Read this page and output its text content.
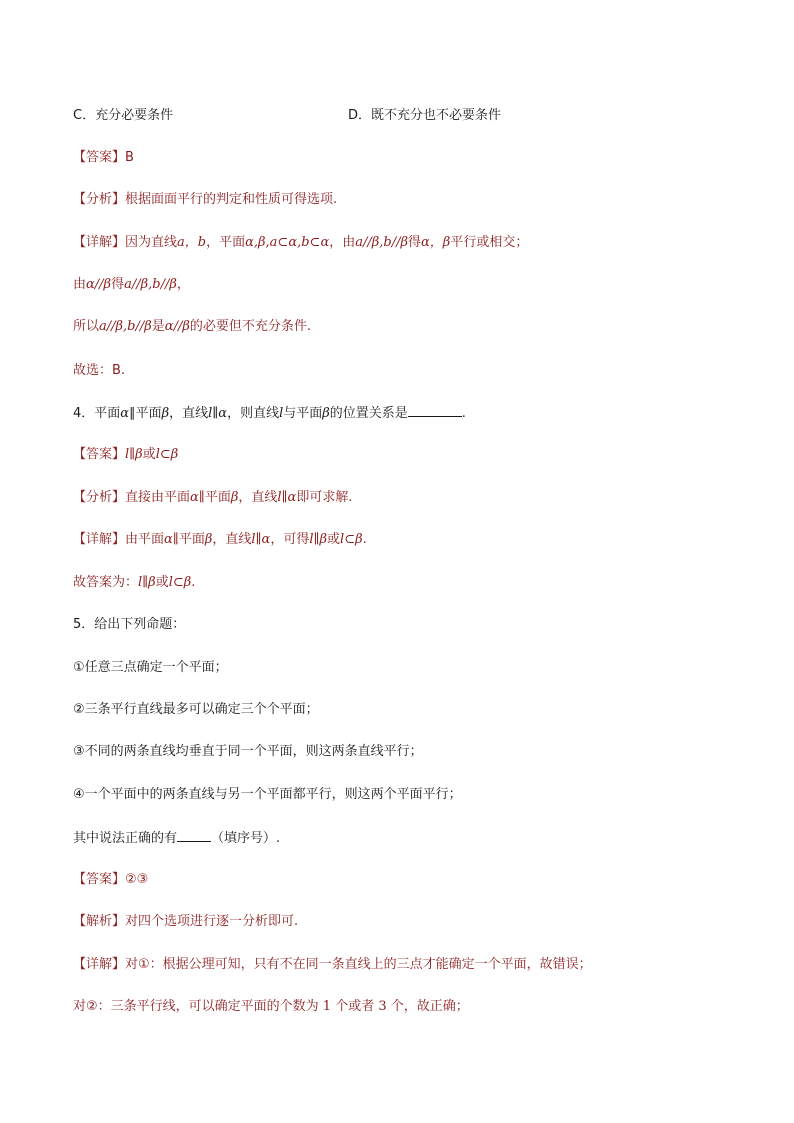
C．充分必要条件	D．既不充分也不必要条件
【答案】B
【分析】根据面面平行的判定和性质可得选项.
【详解】因为直线a，b，平面α,β,a⊂α,b⊂α，由a//β,b//β得α，β平行或相交；
由α//β得a//β,b//β，
所以a//β,b//β是α//β的必要但不充分条件.
故选：B.
4．平面α∥平面β，直线l∥α，则直线l与平面β的位置关系是	.
【答案】l∥β或l⊂β
【分析】直接由平面α∥平面β，直线l∥α即可求解.
【详解】由平面α∥平面β，直线l∥α，可得l∥β或l⊂β.
故答案为：l∥β或l⊂β.
5．给出下列命题：
①任意三点确定一个平面；
②三条平行直线最多可以确定三个个平面；
③不同的两条直线均垂直于同一个平面，则这两条直线平行；
④一个平面中的两条直线与另一个平面都平行，则这两个平面平行；
其中说法正确的有	（填序号）.
【答案】②③
【解析】对四个选项进行逐一分析即可.
【详解】对①：根据公理可知，只有不在同一条直线上的三点才能确定一个平面，故错误；
对②：三条平行线，可以确定平面的个数为 1 个或者 3 个，故正确；
